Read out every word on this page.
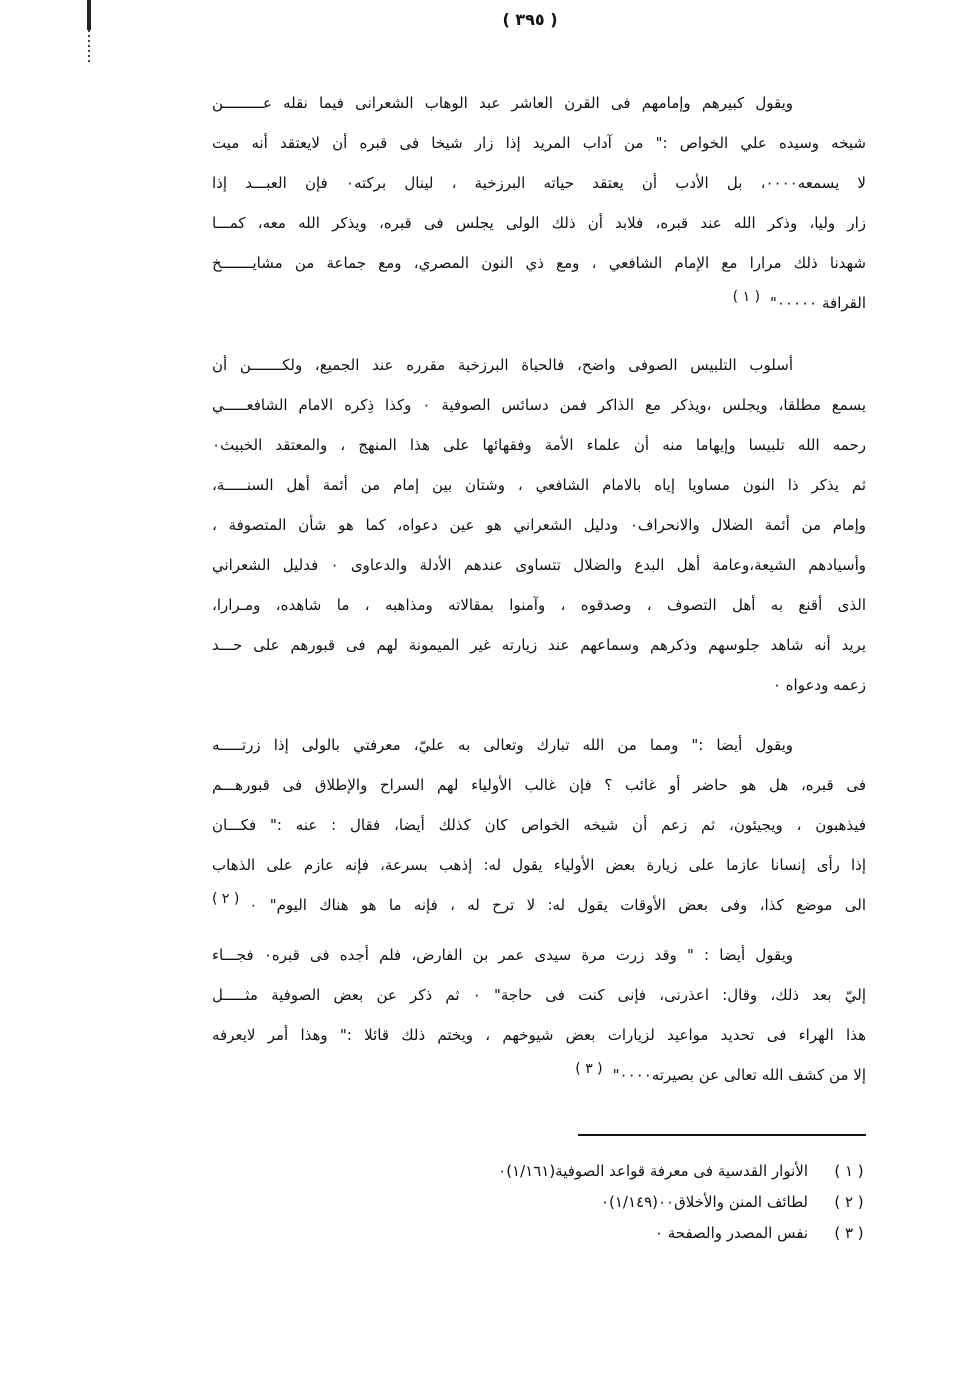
( ٣٩٥ )
ويقول كبيرهم وإمامهم فى القرن العاشر عبد الوهاب الشعرانى فيما نقله عـــــــــن
شيخه وسيده علي الخواص :" من آداب المريد إذا زار شيخا فى قبره أن لايعتقد أنه ميت
لا يسمعه٠٠٠٠، بل الأدب أن يعتقد حياته البرزخية ، لينال بركته٠ فإن العبـــد إذا
زار وليا، وذكر الله عند قبره، فلابد أن ذلك الولى يجلس فى قبره، ويذكر الله معه، كمـــا
شهدنا ذلك مرارا مع الإمام الشافعي ، ومع ذي النون المصري، ومع جماعة من مشايـــــــخ
القرافة ٠٠٠٠٠"( ١ )
أسلوب التلبيس الصوفى واضح، فالحياة البرزخية مقرره عند الجميع، ولكـــــــن أن
يسمع مطلقا، ويجلس ،ويذكر مع الذاكر فمن دسائس الصوفية ٠ وكذا ذِكره الامام الشافعـــــي
رحمه الله تلبيسا وإيهاما منه أن علماء الأمة وفقهائها على هذا المنهج ، والمعتقد الخبيث٠
ثم يذكر ذا النون مساويا إياه بالامام الشافعي ، وشتان بين إمام من أئمة أهل السنـــــة،
وإمام من أئمة الضلال والانحراف٠ ودليل الشعراني هو عين دعواه، كما هو شأن المتصوفة ،
وأسيادهم الشيعة،وعامة أهل البدع والضلال تتساوى عندهم الأدلة والدعاوى ٠ فدليل الشعراني
الذى أقنع به أهل التصوف ، وصدقوه ، وآمنوا بمقالاته ومذاهبه ، ما شاهده، ومـرارا،
يريد أنه شاهد جلوسهم وذكرهم وسماعهم عند زيارته غير الميمونة لهم فى قبورهم على حـــد
زعمه ودعواه ٠
ويقول أيضا :" ومما من الله تبارك وتعالى به عليّ، معرفتي بالولى إذا زرتـــــه
فى قبره، هل هو حاضر أو غائب ؟ فإن غالب الأولياء لهم السراح والإطلاق فى قبورهـــم
فيذهبون ، ويجيئون، ثم زعم أن شيخه الخواص كان كذلك أيضا، فقال : عنه :" فكـــان
إذا رأى إنسانا عازما على زيارة بعض الأولياء يقول له: إذهب بسرعة، فإنه عازم على الذهاب
الى موضع كذا، وفى بعض الأوقات يقول له: لا ترح له ، فإنه ما هو هناك اليوم" ٠( ٢ )
ويقول أيضا : " وقد زرت مرة سيدى عمر بن الفارض، فلم أجده فى قبره٠ فجـــاء
إليّ بعد ذلك، وقال: اعذرنى، فإنى كنت فى حاجة" ٠ ثم ذكر عن بعض الصوفية مثـــــل
هذا الهراء فى تحديد مواعيد لزيارات بعض شيوخهم ، ويختم ذلك قائلا :" وهذا أمر لايعرفه
إلا من كشف الله تعالى عن بصيرته٠٠٠٠"( ٣ )
( ١ )
الأنوار القدسية فى معرفة قواعد الصوفية(١/١٦١)٠
( ٢ )
لطائف المنن والأخلاق٠٠(١/١٤٩)٠
( ٣ )
نفس المصدر والصفحة ٠
